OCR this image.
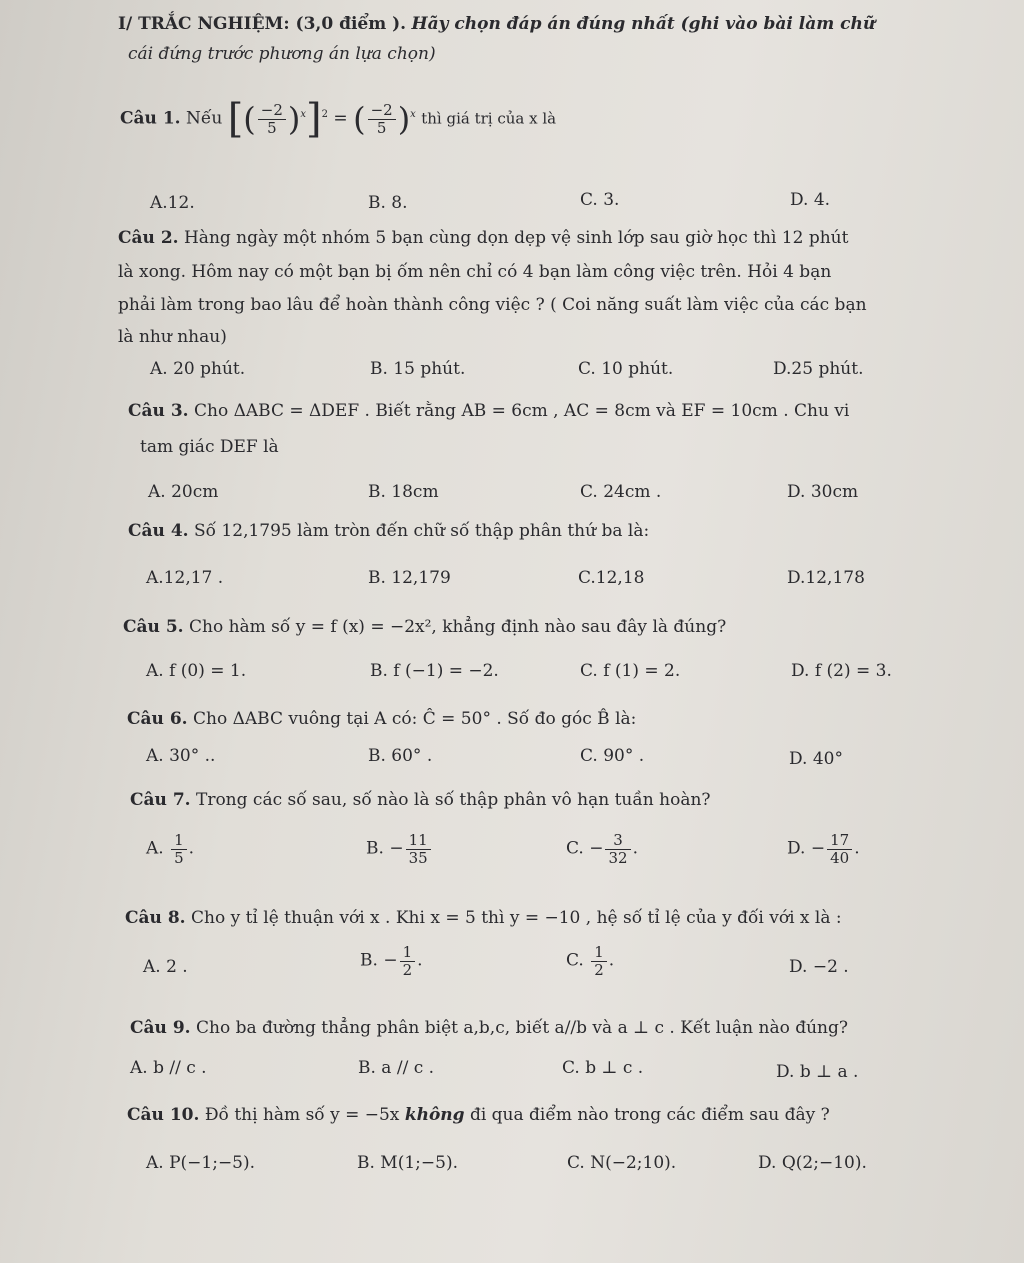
I/ TRẮC NGHIỆM: (3,0 điểm ). Hãy chọn đáp án đúng nhất (ghi vào bài làm chữ
cái đứng trước phương án lựa chọn)
Câu 1. Nếu [( $\frac{-2}{5} )^x]^2$ = ( $\frac{-2}{5} )^x$ thì giá trị của x là
A.12.	B. 8.	C. 3.	D. 4.
Câu 2. Hàng ngày một nhóm 5 bạn cùng dọn dẹp vệ sinh lớp sau giờ học thì 12 phút
là xong. Hôm nay có một bạn bị ốm nên chỉ có 4 bạn làm công việc trên. Hỏi 4 bạn
phải làm trong bao lâu để hoàn thành công việc ? ( Coi năng suất làm việc của các bạn
là như nhau)
A. 20 phút.	B. 15 phút.	C. 10 phút.	D.25 phút.
Câu 3. Cho ΔABC = ΔDEF . Biết rằng AB = 6cm , AC = 8cm và EF = 10cm . Chu vi
tam giác DEF là
A. 20cm	B. 18cm	C. 24cm .	D. 30cm
Câu 4. Số 12,1795 làm tròn đến chữ số thập phân thứ ba là:
A.12,17 .	B. 12,179	C.12,18	D.12,178
Câu 5. Cho hàm số y = f (x) = −2x², khẳng định nào sau đây là đúng?
A. f (0) = 1.	B. f (−1) = −2.	C. f (1) = 2.	D. f (2) = 3.
Câu 6. Cho ΔABC vuông tại A có: Ĉ = 50° . Số đo góc B̂ là:
A. 30° ..	B. 60° .	C. 90° .	D. 40°
Câu 7. Trong các số sau, số nào là số thập phân vô hạn tuần hoàn?
A. $\frac{1}{5}$ .	B. − $\frac{11}{35}$	C. − $\frac{3}{32}$ .	D. − $\frac{17}{40}$ .
Câu 8. Cho y tỉ lệ thuận với x . Khi x = 5 thì y = −10 , hệ số tỉ lệ của y đối với x là :
A. 2 .	B. − $\frac{1}{2}$ .	C. $\frac{1}{2}$ .	D. −2 .
Câu 9. Cho ba đường thẳng phân biệt a,b,c, biết a//b và a ⊥ c . Kết luận nào đúng?
A. b // c .	B. a // c .	C. b ⊥ c .	D. b ⊥ a .
Câu 10. Đồ thị hàm số y = −5x không đi qua điểm nào trong các điểm sau đây ?
A. P(−1;−5).	B. M(1;−5).	C. N(−2;10).	D. Q(2;−10).
